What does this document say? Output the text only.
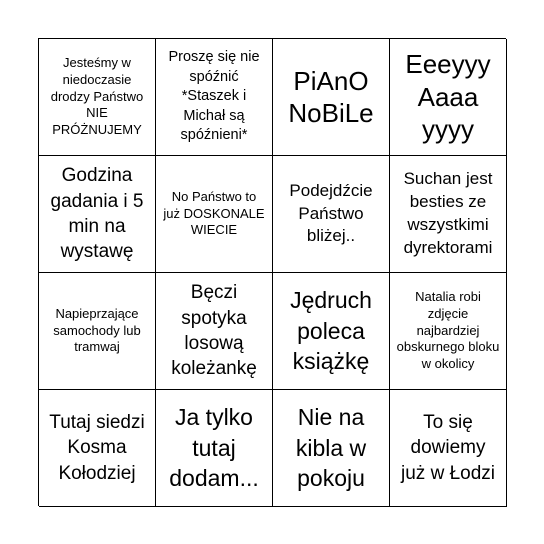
Jesteśmy w niedoczasie drodzy Państwo NIE PRÓŻNUJEMY
Proszę się nie spóźnić *Staszek i Michał są spóźnieni*
PiAnO NoBiLe
Eeeyyy Aaaa yyyy
Godzina gadania i 5 min na wystawę
No Państwo to już DOSKONALE WIECIE
Podejdźcie Państwo bliżej..
Suchan jest besties ze wszystkimi dyrektorami
Napieprzające samochody lub tramwaj
Bęczi spotyka losową koleżankę
Jędruch poleca książkę
Natalia robi zdjęcie najbardziej obskurnego bloku w okolicy
Tutaj siedzi Kosma Kołodziej
Ja tylko tutaj dodam...
Nie na kibla w pokoju
To się dowiemy już w Łodzi
